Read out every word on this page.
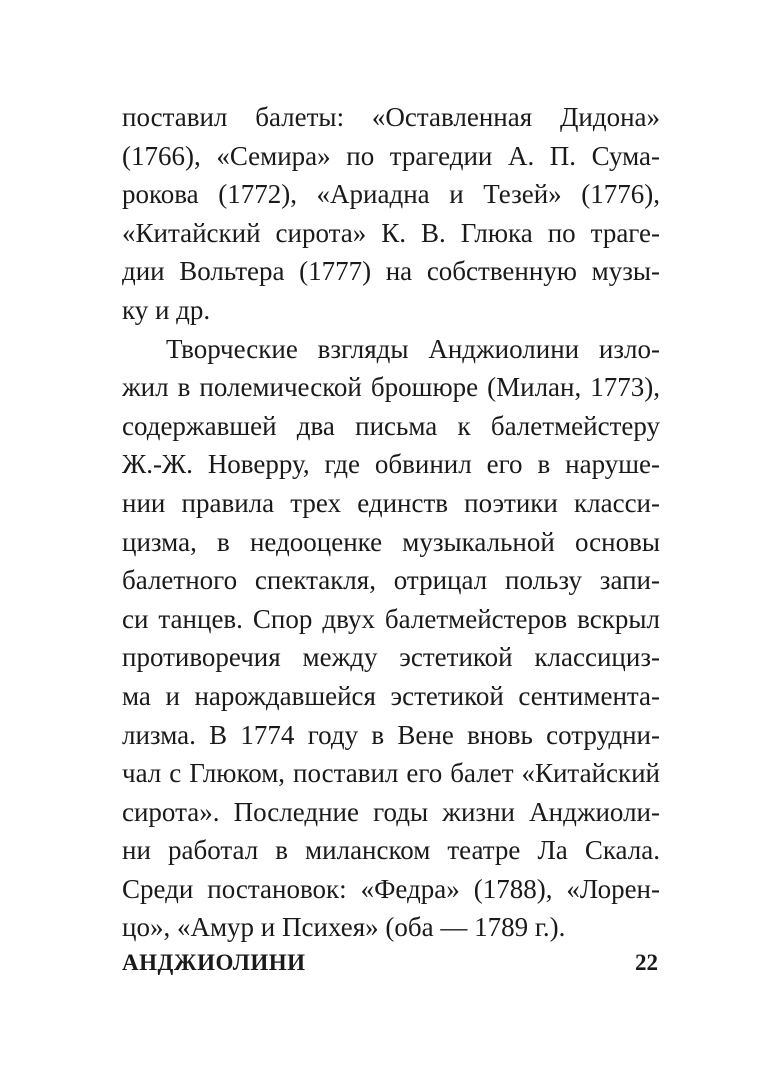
поставил балеты: «Оставленная Дидона»
(1766), «Семира» по трагедии А. П. Сума-
рокова (1772), «Ариадна и Тезей» (1776),
«Китайский сирота» К. В. Глюка по траге-
дии Вольтера (1777) на собственную музы-
ку и др.
Творческие взгляды Анджиолини изло-
жил в полемической брошюре (Милан, 1773),
содержавшей два письма к балетмейстеру
Ж.-Ж. Новерру, где обвинил его в наруше-
нии правила трех единств поэтики класси-
цизма, в недооценке музыкальной основы
балетного спектакля, отрицал пользу запи-
си танцев. Спор двух балетмейстеров вскрыл
противоречия между эстетикой классициз-
ма и нарождавшейся эстетикой сентимента-
лизма. В 1774 году в Вене вновь сотрудни-
чал с Глюком, поставил его балет «Китайский
сирота». Последние годы жизни Анджиоли-
ни работал в миланском театре Ла Скала.
Среди постановок: «Федра» (1788), «Лорен-
цо», «Амур и Психея» (оба — 1789 г.).
АНДЖИОЛИНИ	22
